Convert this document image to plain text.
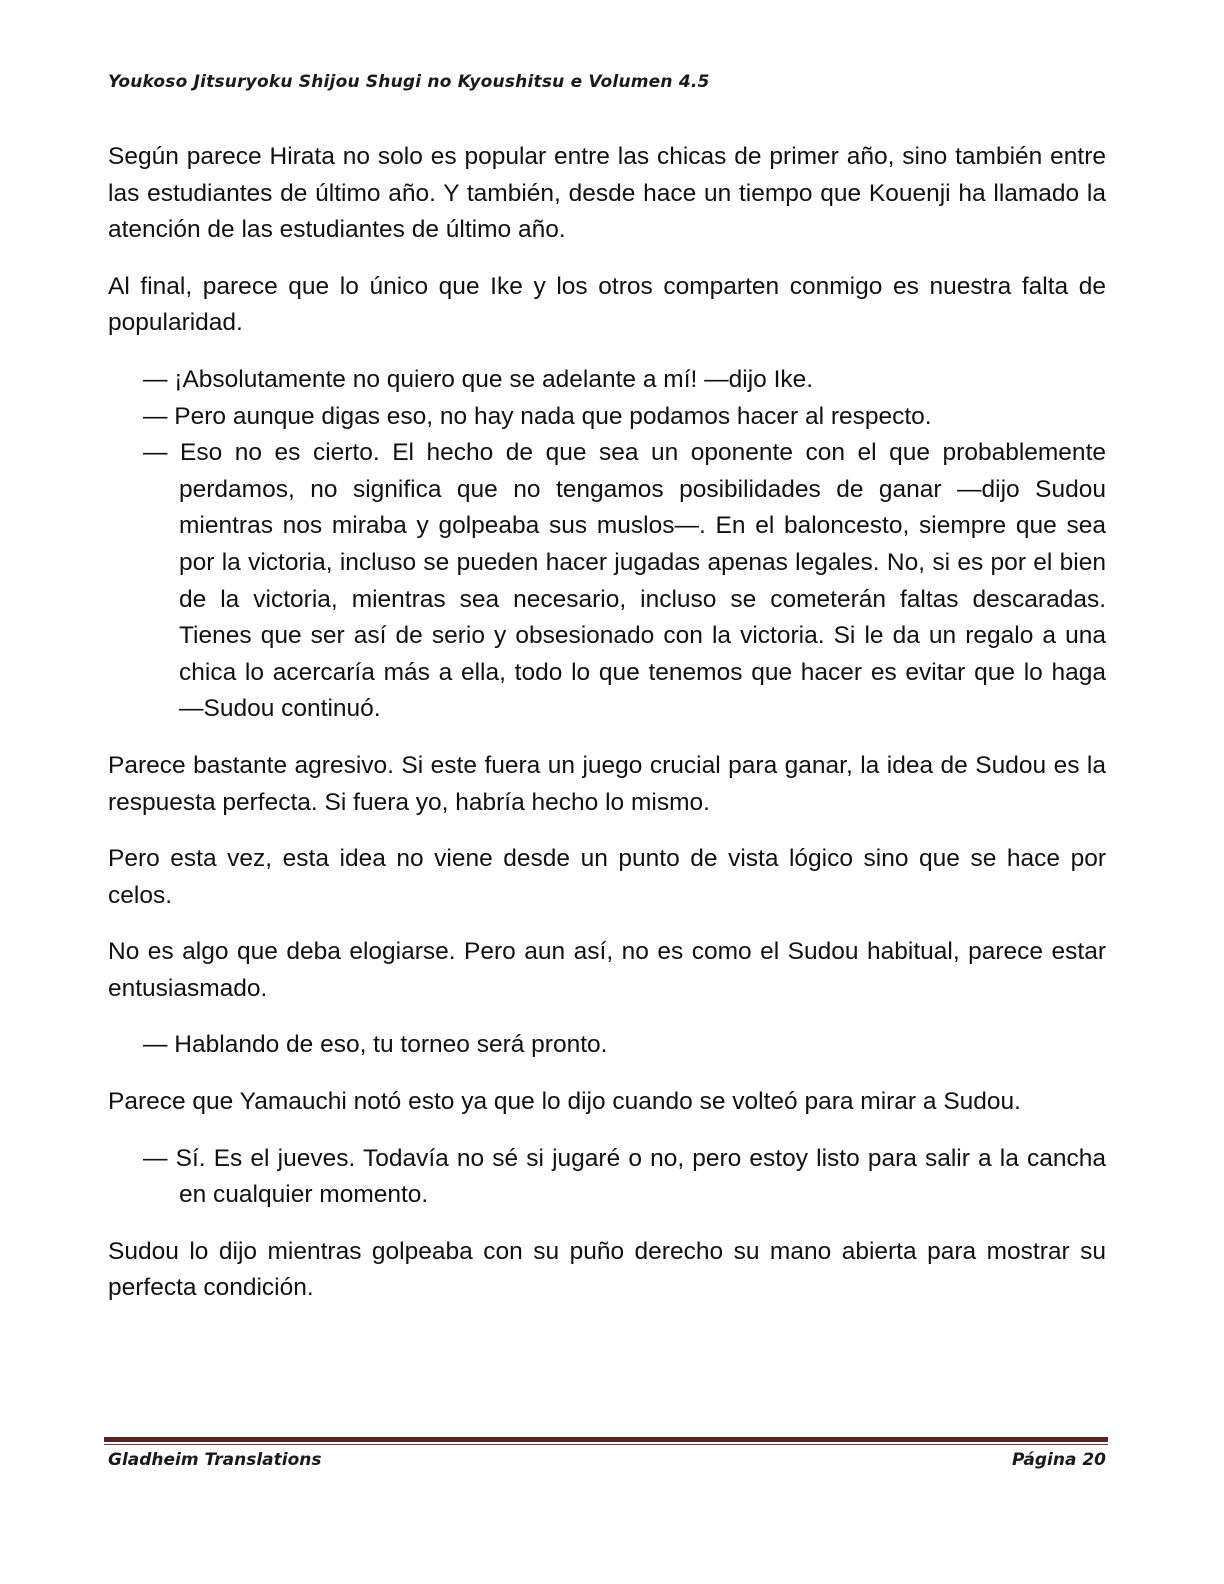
Youkoso Jitsuryoku Shijou Shugi no Kyoushitsu e Volumen 4.5

Según parece Hirata no solo es popular entre las chicas de primer año, sino también entre las estudiantes de último año. Y también, desde hace un tiempo que Kouenji ha llamado la atención de las estudiantes de último año.

Al final, parece que lo único que Ike y los otros comparten conmigo es nuestra falta de popularidad.

— ¡Absolutamente no quiero que se adelante a mí! —dijo Ike.

— Pero aunque digas eso, no hay nada que podamos hacer al respecto.

— Eso no es cierto. El hecho de que sea un oponente con el que probablemente perdamos, no significa que no tengamos posibilidades de ganar —dijo Sudou mientras nos miraba y golpeaba sus muslos—. En el baloncesto, siempre que sea por la victoria, incluso se pueden hacer jugadas apenas legales. No, si es por el bien de la victoria, mientras sea necesario, incluso se cometerán faltas descaradas. Tienes que ser así de serio y obsesionado con la victoria. Si le da un regalo a una chica lo acercaría más a ella, todo lo que tenemos que hacer es evitar que lo haga —Sudou continuó.

Parece bastante agresivo. Si este fuera un juego crucial para ganar, la idea de Sudou es la respuesta perfecta. Si fuera yo, habría hecho lo mismo.

Pero esta vez, esta idea no viene desde un punto de vista lógico sino que se hace por celos.

No es algo que deba elogiarse. Pero aun así, no es como el Sudou habitual, parece estar entusiasmado.

— Hablando de eso, tu torneo será pronto.

Parece que Yamauchi notó esto ya que lo dijo cuando se volteó para mirar a Sudou.

— Sí. Es el jueves. Todavía no sé si jugaré o no, pero estoy listo para salir a la cancha en cualquier momento.

Sudou lo dijo mientras golpeaba con su puño derecho su mano abierta para mostrar su perfecta condición.

Gladheim Translations	Página 20
